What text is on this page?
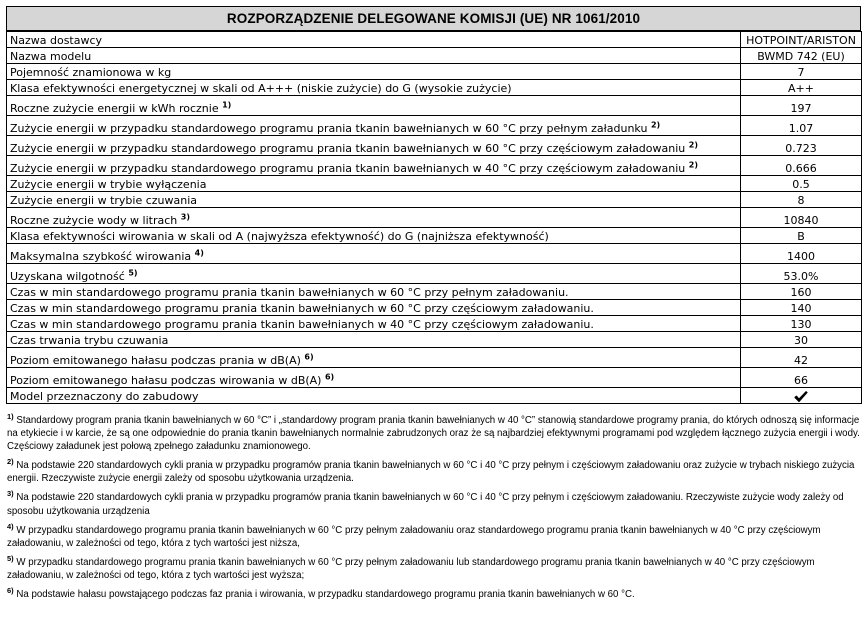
ROZPORZĄDZENIE DELEGOWANE KOMISJI (UE) NR 1061/2010
Nazwa dostawcy	HOTPOINT/ARISTON
Nazwa modelu	BWMD 742 (EU)
Pojemność znamionowa w kg	7
Klasa efektywności energetycznej w skali od A+++ (niskie zużycie) do G (wysokie zużycie)	A++
Roczne zużycie energii w kWh rocznie $^{1)}$	197
Zużycie energii w przypadku standardowego programu prania tkanin bawełnianych w 60 °C przy pełnym załadunku $^{2)}$	1.07
Zużycie energii w przypadku standardowego programu prania tkanin bawełnianych w 60 °C przy częściowym załadowaniu $^{2)}$	0.723
Zużycie energii w przypadku standardowego programu prania tkanin bawełnianych w 40 °C przy częściowym załadowaniu $^{2)}$	0.666
Zużycie energii w trybie wyłączenia	0.5
Zużycie energii w trybie czuwania	8
Roczne zużycie wody w litrach $^{3)}$	10840
Klasa efektywności wirowania w skali od A (najwyższa efektywność) do G (najniższa efektywność)	B
Maksymalna szybkość wirowania $^{4)}$	1400
Uzyskana wilgotność $^{5)}$	53.0%
Czas w min standardowego programu prania tkanin bawełnianych w 60 °C przy pełnym załadowaniu.	160
Czas w min standardowego programu prania tkanin bawełnianych w 60 °C przy częściowym załadowaniu.	140
Czas w min standardowego programu prania tkanin bawełnianych w 40 °C przy częściowym załadowaniu.	130
Czas trwania trybu czuwania	30
Poziom emitowanego hałasu podczas prania w dB(A) $^{6)}$	42
Poziom emitowanego hałasu podczas wirowania w dB(A) $^{6)}$	66
Model przeznaczony do zabudowy	
$^{1)}$ Standardowy program prania tkanin bawełnianych w 60 °C” i „standardowy program prania tkanin bawełnianych w 40 °C” stanowią standardowe programy prania, do których odnoszą się informacje na etykiecie i w karcie, że są one odpowiednie do prania tkanin bawełnianych normalnie zabrudzonych oraz że są najbardziej efektywnymi programami pod względem łącznego zużycia energii i wody. Częściowy załadunek jest połową zpełnego załadunku znamionowego.
$^{2)}$ Na podstawie 220 standardowych cykli prania w przypadku programów prania tkanin bawełnianych w 60 °C i 40 °C przy pełnym i częściowym załadowaniu oraz zużycie w trybach niskiego zużycia energii. Rzeczywiste zużycie energii zależy od sposobu użytkowania urządzenia.
$^{3)}$ Na podstawie 220 standardowych cykli prania w przypadku programów prania tkanin bawełnianych w 60 °C i 40 °C przy pełnym i częściowym załadowaniu. Rzeczywiste zużycie wody zależy od sposobu użytkowania urządzenia
$^{4)}$ W przypadku standardowego programu prania tkanin bawełnianych w 60 °C przy pełnym załadowaniu oraz standardowego programu prania tkanin bawełnianych w 40 °C przy częściowym załadowaniu, w zależności od tego, która z tych wartości jest niższa,
$^{5)}$ W przypadku standardowego programu prania tkanin bawełnianych w 60 °C przy pełnym załadowaniu lub standardowego programu prania tkanin bawełnianych w 40 °C przy częściowym załadowaniu, w zależności od tego, która z tych wartości jest wyższa;
$^{6)}$ Na podstawie hałasu powstającego podczas faz prania i wirowania, w przypadku standardowego programu prania tkanin bawełnianych w 60 °C.
